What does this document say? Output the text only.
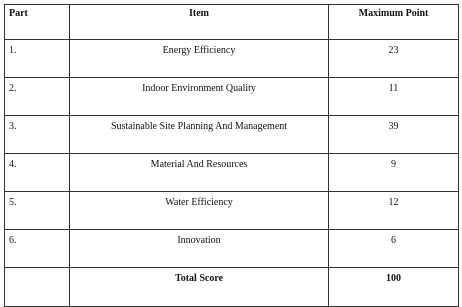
Part	Item	Maximum Point
1.	Energy Efficiency	23
2.	Indoor Environment Quality	11
3.	Sustainable Site Planning And Management	39
4.	Material And Resources	9
5.	Water Efficiency	12
6.	Innovation	6
	Total Score	100
